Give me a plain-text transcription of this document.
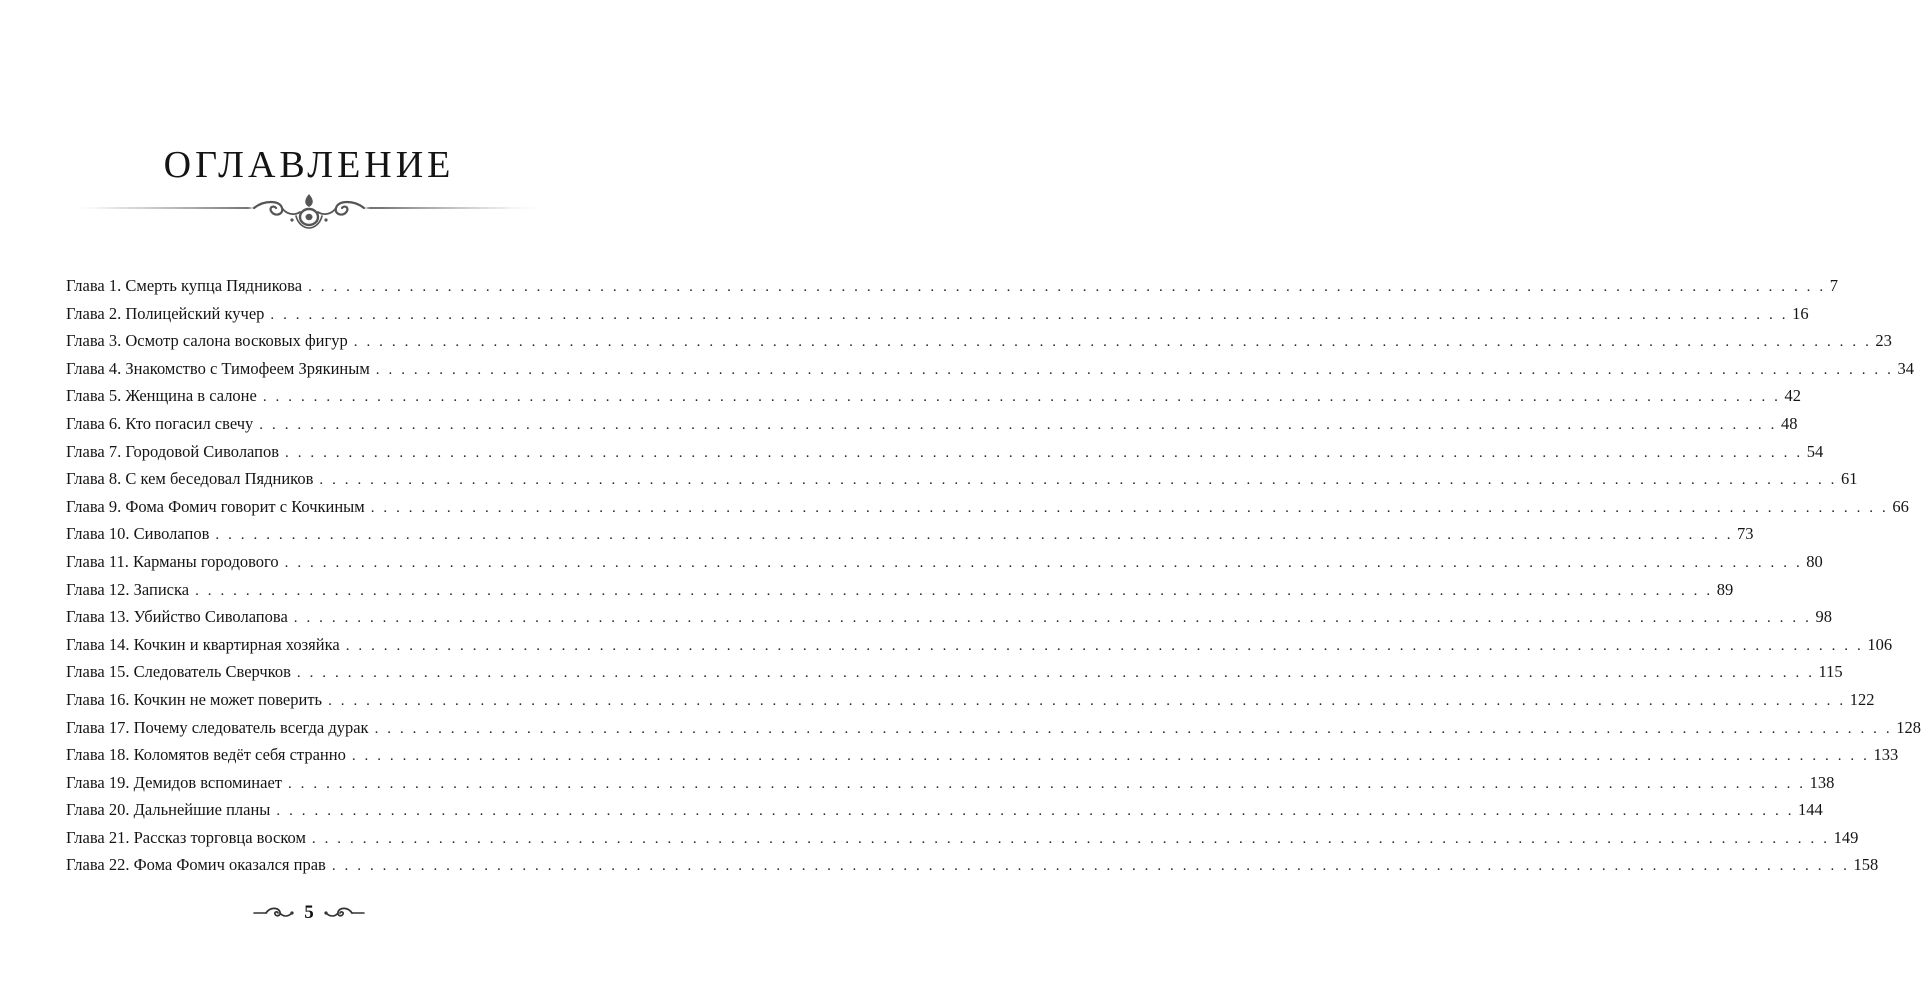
ОГЛАВЛЕНИЕ
Глава 1. Смерть купца Пядникова . . . . . . . . . . . . . . . . . . . . . . . . . . . . . . . . . . . . . . . . . . . . . . . . . . . . . . . . . . . . . . . . . . . . . . . . . . . . . . . . . . . . . . . . . . . . . . . . . . . . . . . . . . . . . . . . . . . . . . . . 7
Глава 2. Полицейский кучер . . . . . . . . . . . . . . . . . . . . . . . . . . . . . . . . . . . . . . . . . . . . . . . . . . . . . . . . . . . . . . . . . . . . . . . . . . . . . . . . . . . . . . . . . . . . . . . . . . . . . . . . . . . . . . . . . . . . . . . . 16
Глава 3. Осмотр салона восковых фигур . . . . . . . . . . . . . . . . . . . . . . . . . . . . . . . . . . . . . . . . . . . . . . . . . . . . . . . . . . . . . . . . . . . . . . . . . . . . . . . . . . . . . . . . . . . . . . . . . . . . . . . . . . . . . . . . . . . . . . . . 23
Глава 4. Знакомство с Тимофеем Зрякиным . . . . . . . . . . . . . . . . . . . . . . . . . . . . . . . . . . . . . . . . . . . . . . . . . . . . . . . . . . . . . . . . . . . . . . . . . . . . . . . . . . . . . . . . . . . . . . . . . . . . . . . . . . . . . . . . . . . . . . . . 34
Глава 5. Женщина в салоне . . . . . . . . . . . . . . . . . . . . . . . . . . . . . . . . . . . . . . . . . . . . . . . . . . . . . . . . . . . . . . . . . . . . . . . . . . . . . . . . . . . . . . . . . . . . . . . . . . . . . . . . . . . . . . . . . . . . . . . . 42
Глава 6. Кто погасил свечу . . . . . . . . . . . . . . . . . . . . . . . . . . . . . . . . . . . . . . . . . . . . . . . . . . . . . . . . . . . . . . . . . . . . . . . . . . . . . . . . . . . . . . . . . . . . . . . . . . . . . . . . . . . . . . . . . . . . . . . . 48
Глава 7. Городовой Сиволапов . . . . . . . . . . . . . . . . . . . . . . . . . . . . . . . . . . . . . . . . . . . . . . . . . . . . . . . . . . . . . . . . . . . . . . . . . . . . . . . . . . . . . . . . . . . . . . . . . . . . . . . . . . . . . . . . . . . . . . . . 54
Глава 8. С кем беседовал Пядников . . . . . . . . . . . . . . . . . . . . . . . . . . . . . . . . . . . . . . . . . . . . . . . . . . . . . . . . . . . . . . . . . . . . . . . . . . . . . . . . . . . . . . . . . . . . . . . . . . . . . . . . . . . . . . . . . . . . . . . . 61
Глава 9. Фома Фомич говорит с Кочкиным . . . . . . . . . . . . . . . . . . . . . . . . . . . . . . . . . . . . . . . . . . . . . . . . . . . . . . . . . . . . . . . . . . . . . . . . . . . . . . . . . . . . . . . . . . . . . . . . . . . . . . . . . . . . . . . . . . . . . . . . 66
Глава 10. Сиволапов . . . . . . . . . . . . . . . . . . . . . . . . . . . . . . . . . . . . . . . . . . . . . . . . . . . . . . . . . . . . . . . . . . . . . . . . . . . . . . . . . . . . . . . . . . . . . . . . . . . . . . . . . . . . . . . . . . . . . . . . 73
Глава 11. Карманы городового . . . . . . . . . . . . . . . . . . . . . . . . . . . . . . . . . . . . . . . . . . . . . . . . . . . . . . . . . . . . . . . . . . . . . . . . . . . . . . . . . . . . . . . . . . . . . . . . . . . . . . . . . . . . . . . . . . . . . . . . 80
Глава 12. Записка . . . . . . . . . . . . . . . . . . . . . . . . . . . . . . . . . . . . . . . . . . . . . . . . . . . . . . . . . . . . . . . . . . . . . . . . . . . . . . . . . . . . . . . . . . . . . . . . . . . . . . . . . . . . . . . . . . . . . . . . 89
Глава 13. Убийство Сиволапова . . . . . . . . . . . . . . . . . . . . . . . . . . . . . . . . . . . . . . . . . . . . . . . . . . . . . . . . . . . . . . . . . . . . . . . . . . . . . . . . . . . . . . . . . . . . . . . . . . . . . . . . . . . . . . . . . . . . . . . . 98
Глава 14. Кочкин и квартирная хозяйка . . . . . . . . . . . . . . . . . . . . . . . . . . . . . . . . . . . . . . . . . . . . . . . . . . . . . . . . . . . . . . . . . . . . . . . . . . . . . . . . . . . . . . . . . . . . . . . . . . . . . . . . . . . . . . . . . . . . . . . . 106
Глава 15. Следователь Сверчков . . . . . . . . . . . . . . . . . . . . . . . . . . . . . . . . . . . . . . . . . . . . . . . . . . . . . . . . . . . . . . . . . . . . . . . . . . . . . . . . . . . . . . . . . . . . . . . . . . . . . . . . . . . . . . . . . . . . . . . . 115
Глава 16. Кочкин не может поверить . . . . . . . . . . . . . . . . . . . . . . . . . . . . . . . . . . . . . . . . . . . . . . . . . . . . . . . . . . . . . . . . . . . . . . . . . . . . . . . . . . . . . . . . . . . . . . . . . . . . . . . . . . . . . . . . . . . . . . . . 122
Глава 17. Почему следователь всегда дурак . . . . . . . . . . . . . . . . . . . . . . . . . . . . . . . . . . . . . . . . . . . . . . . . . . . . . . . . . . . . . . . . . . . . . . . . . . . . . . . . . . . . . . . . . . . . . . . . . . . . . . . . . . . . . . . . . . . . . . . . 128
Глава 18. Коломятов ведёт себя странно . . . . . . . . . . . . . . . . . . . . . . . . . . . . . . . . . . . . . . . . . . . . . . . . . . . . . . . . . . . . . . . . . . . . . . . . . . . . . . . . . . . . . . . . . . . . . . . . . . . . . . . . . . . . . . . . . . . . . . . . 133
Глава 19. Демидов вспоминает . . . . . . . . . . . . . . . . . . . . . . . . . . . . . . . . . . . . . . . . . . . . . . . . . . . . . . . . . . . . . . . . . . . . . . . . . . . . . . . . . . . . . . . . . . . . . . . . . . . . . . . . . . . . . . . . . . . . . . . . 138
Глава 20. Дальнейшие планы . . . . . . . . . . . . . . . . . . . . . . . . . . . . . . . . . . . . . . . . . . . . . . . . . . . . . . . . . . . . . . . . . . . . . . . . . . . . . . . . . . . . . . . . . . . . . . . . . . . . . . . . . . . . . . . . . . . . . . . . 144
Глава 21. Рассказ торговца воском . . . . . . . . . . . . . . . . . . . . . . . . . . . . . . . . . . . . . . . . . . . . . . . . . . . . . . . . . . . . . . . . . . . . . . . . . . . . . . . . . . . . . . . . . . . . . . . . . . . . . . . . . . . . . . . . . . . . . . . . 149
Глава 22. Фома Фомич оказался прав . . . . . . . . . . . . . . . . . . . . . . . . . . . . . . . . . . . . . . . . . . . . . . . . . . . . . . . . . . . . . . . . . . . . . . . . . . . . . . . . . . . . . . . . . . . . . . . . . . . . . . . . . . . . . . . . . . . . . . . . 158
5
